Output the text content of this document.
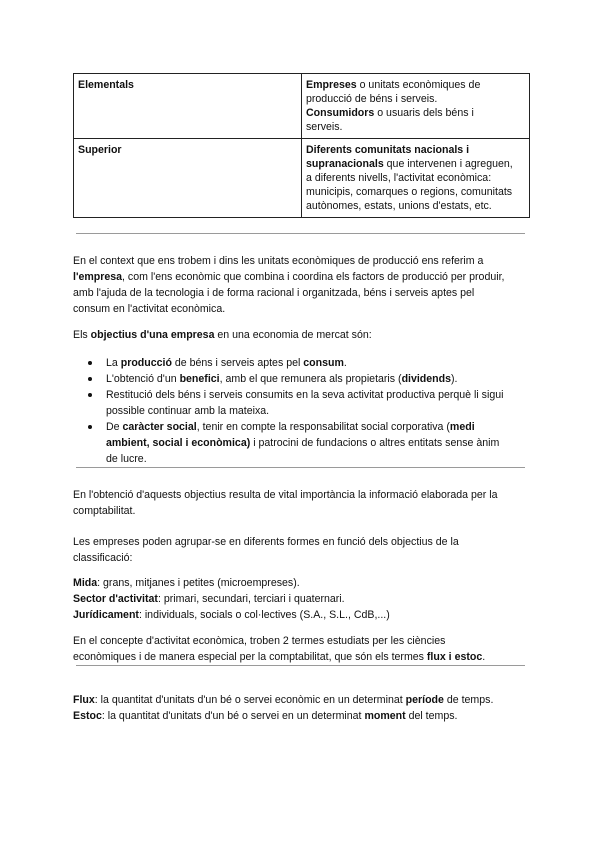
Elementals	Empreses o unitats econòmiques de
producció de béns i serveis.
Consumidors o usuaris dels béns i
serveis.

Superior	Diferents comunitats nacionals i
supranacionals que intervenen i agreguen,
a diferents nivells, l'activitat econòmica:
municipis, comarques o regions, comunitats
autònomes, estats, unions d'estats, etc.
En el context que ens trobem i dins les unitats econòmiques de producció ens referim a
l'empresa, com l'ens econòmic que combina i coordina els factors de producció per produir,
amb l'ajuda de la tecnologia i de forma racional i organitzada, béns i serveis aptes pel
consum en l'activitat econòmica.
Els objectius d'una empresa en una economia de mercat són:
La producció de béns i serveis aptes pel consum.
L'obtenció d'un benefici, amb el que remunera als propietaris (dividends).
Restitució dels béns i serveis consumits en la seva activitat productiva perquè li sigui
possible continuar amb la mateixa.
De caràcter social, tenir en compte la responsabilitat social corporativa (medi
ambient, social i econòmica) i patrocini de fundacions o altres entitats sense ànim
de lucre.
En l'obtenció d'aquests objectius resulta de vital importància la informació elaborada per la
comptabilitat.
Les empreses poden agrupar-se en diferents formes en funció dels objectius de la
classificació:
Mida: grans, mitjanes i petites (microempreses).
Sector d'activitat: primari, secundari, terciari i quaternari.
Jurídicament: individuals, socials o col·lectives (S.A., S.L., CdB,...)
En el concepte d'activitat econòmica, troben 2 termes estudiats per les ciències
econòmiques i de manera especial per la comptabilitat, que són els termes flux i estoc.
Flux: la quantitat d'unitats d'un bé o servei econòmic en un determinat període de temps.
Estoc: la quantitat d'unitats d'un bé o servei en un determinat moment del temps.
